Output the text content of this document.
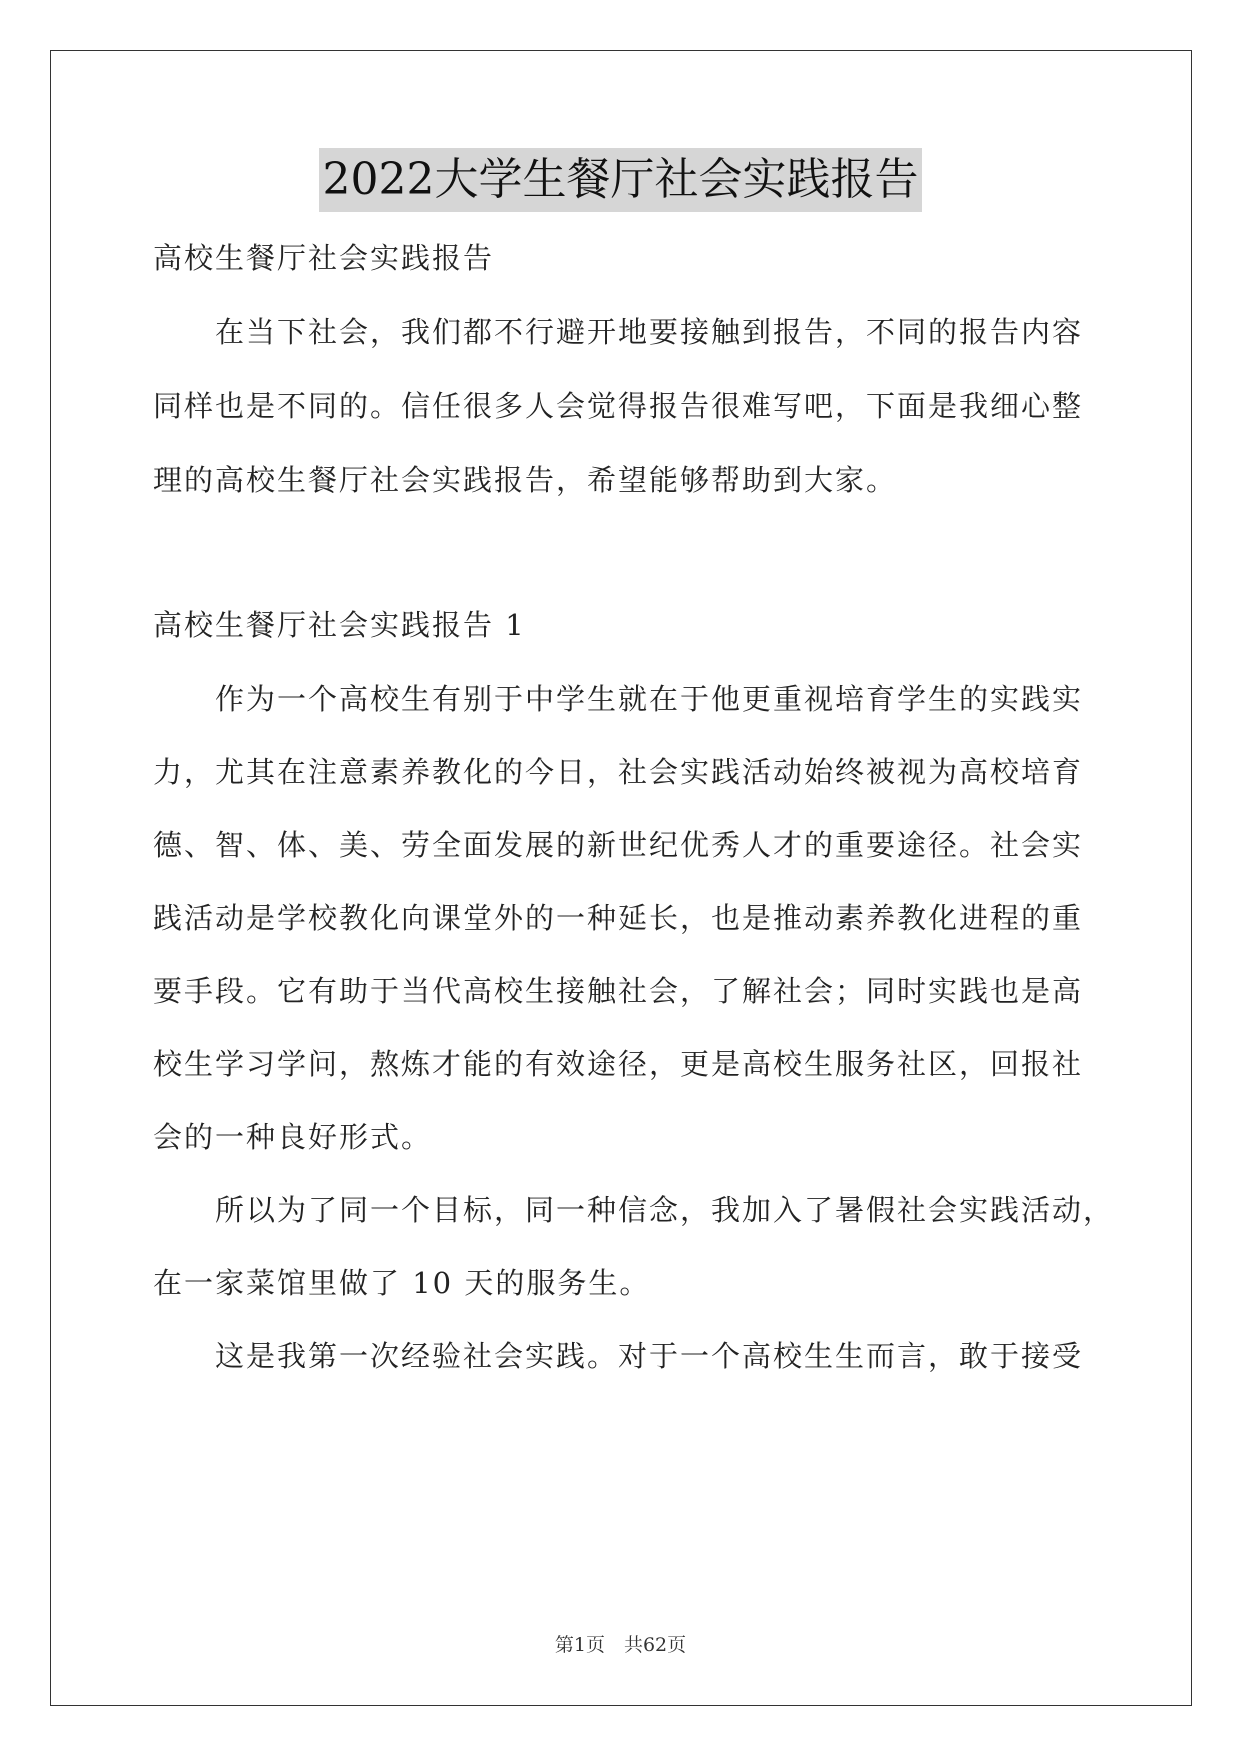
2022大学生餐厅社会实践报告
高校生餐厅社会实践报告
　　在当下社会，我们都不行避开地要接触到报告，不同的报告内容
同样也是不同的。信任很多人会觉得报告很难写吧，下面是我细心整
理的高校生餐厅社会实践报告，希望能够帮助到大家。
高校生餐厅社会实践报告 1
　　作为一个高校生有别于中学生就在于他更重视培育学生的实践实
力，尤其在注意素养教化的今日，社会实践活动始终被视为高校培育
德、智、体、美、劳全面发展的新世纪优秀人才的重要途径。社会实
践活动是学校教化向课堂外的一种延长，也是推动素养教化进程的重
要手段。它有助于当代高校生接触社会，了解社会；同时实践也是高
校生学习学问，熬炼才能的有效途径，更是高校生服务社区，回报社
会的一种良好形式。
　　所以为了同一个目标，同一种信念，我加入了暑假社会实践活动，
在一家菜馆里做了 10 天的服务生。
　　这是我第一次经验社会实践。对于一个高校生生而言，敢于接受
第1页　共62页
